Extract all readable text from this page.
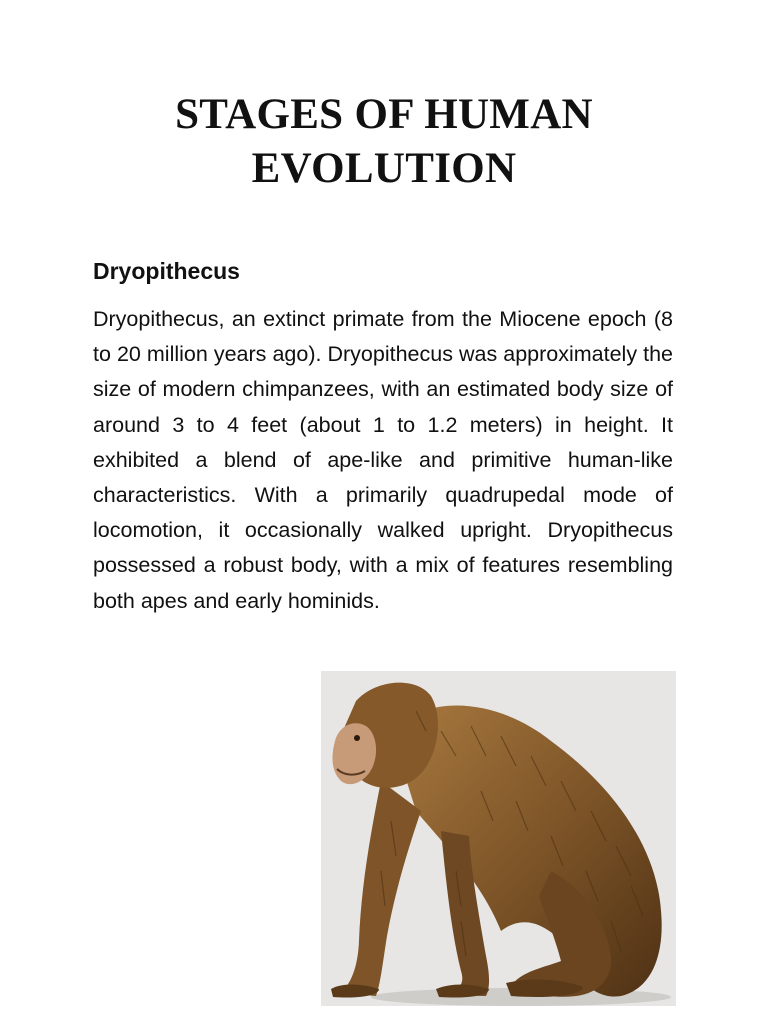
STAGES OF HUMAN EVOLUTION
Dryopithecus

Dryopithecus, an extinct primate from the Miocene epoch (8 to 20 million years ago). Dryopithecus was approximately the size of modern chimpanzees, with an estimated body size of around 3 to 4 feet (about 1 to 1.2 meters) in height. It exhibited a blend of ape-like and primitive human-like characteristics. With a primarily quadrupedal mode of locomotion, it occasionally walked upright. Dryopithecus possessed a robust body, with a mix of features resembling both apes and early hominids.
